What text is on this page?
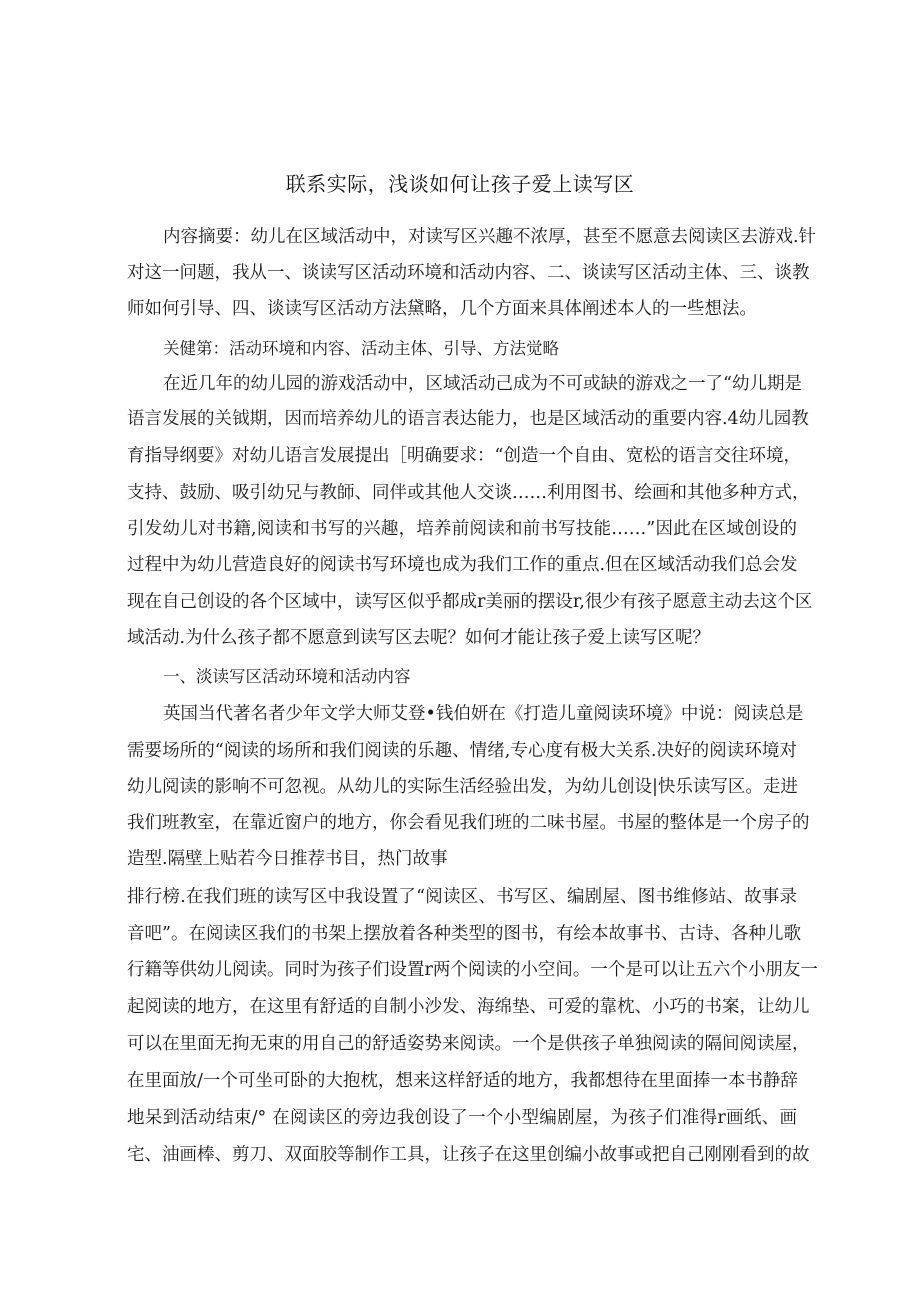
联系实际，浅谈如何让孩子爱上读写区
内容摘要：幼儿在区域活动中，对读写区兴趣不浓厚，甚至不愿意去阅读区去游戏.针
对这一问题，我从一、谈读写区活动环境和活动内容、二、谈读写区活动主体、三、谈教
师如何引导、四、谈读写区活动方法黛略，几个方面来具体阐述本人的一些想法。
关健第：活动环境和内容、活动主体、引导、方法觉略
在近几年的幼儿园的游戏活动中，区域活动己成为不可或缺的游戏之一了“幼儿期是
语言发展的关钺期，因而培养幼儿的语言表达能力，也是区域活动的重要内容.4幼儿园教
育指导纲要》对幼儿语言发展提出［明确要求：“创造一个自由、宽松的语言交往环境，
支持、鼓励、吸引幼兄与教師、同伴或其他人交谈……利用图书、绘画和其他多种方式，
引发幼儿对书籍,阅读和书写的兴趣，培养前阅读和前书写技能……”因此在区域创设的
过程中为幼儿营造良好的阅读书写环境也成为我们工作的重点.但在区域活动我们总会发
现在自己创设的各个区域中，读写区似乎都成r美丽的摆设r,很少有孩子愿意主动去这个区
域活动.为什么孩子都不愿意到读写区去呢？如何才能让孩子爱上读写区呢？
一、淡读写区活动环境和活动内容
英国当代著名者少年文学大师艾登•钱伯妍在《打造儿童阅读环境》中说：阅读总是
需要场所的“阅读的场所和我们阅读的乐趣、情绪,专心度有极大关系.决好的阅读环境对
幼儿阅读的影响不可忽视。从幼儿的实际生活经验出发，为幼儿创设|快乐读写区。走进
我们班教室，在靠近窗户的地方，你会看见我们班的二味书屋。书屋的整体是一个房子的
造型.隔壁上贴若今日推荐书目，热门故事
排行榜.在我们班的读写区中我设置了“阅读区、书写区、编剧屋、图书维修站、故事录
音吧”。在阅读区我们的书架上摆放着各种类型的图书，有绘本故事书、古诗、各种儿歌
行籍等供幼儿阅读。同时为孩子们设置r两个阅读的小空间。一个是可以让五六个小朋友一
起阅读的地方，在这里有舒适的自制小沙发、海绵垫、可爱的靠枕、小巧的书案，让幼儿
可以在里面无拘无束的用自己的舒适姿势来阅读。一个是供孩子单独阅读的隔间阅读屋，
在里面放/一个可坐可卧的大抱枕，想来这样舒适的地方，我都想待在里面捧一本书静辞
地呆到活动结束/° 在阅读区的旁边我创设了一个小型编剧屋，为孩子们准得r画纸、画
宅、油画棒、剪刀、双面胶等制作工具，让孩子在这里创编小故事或把自己刚刚看到的故
